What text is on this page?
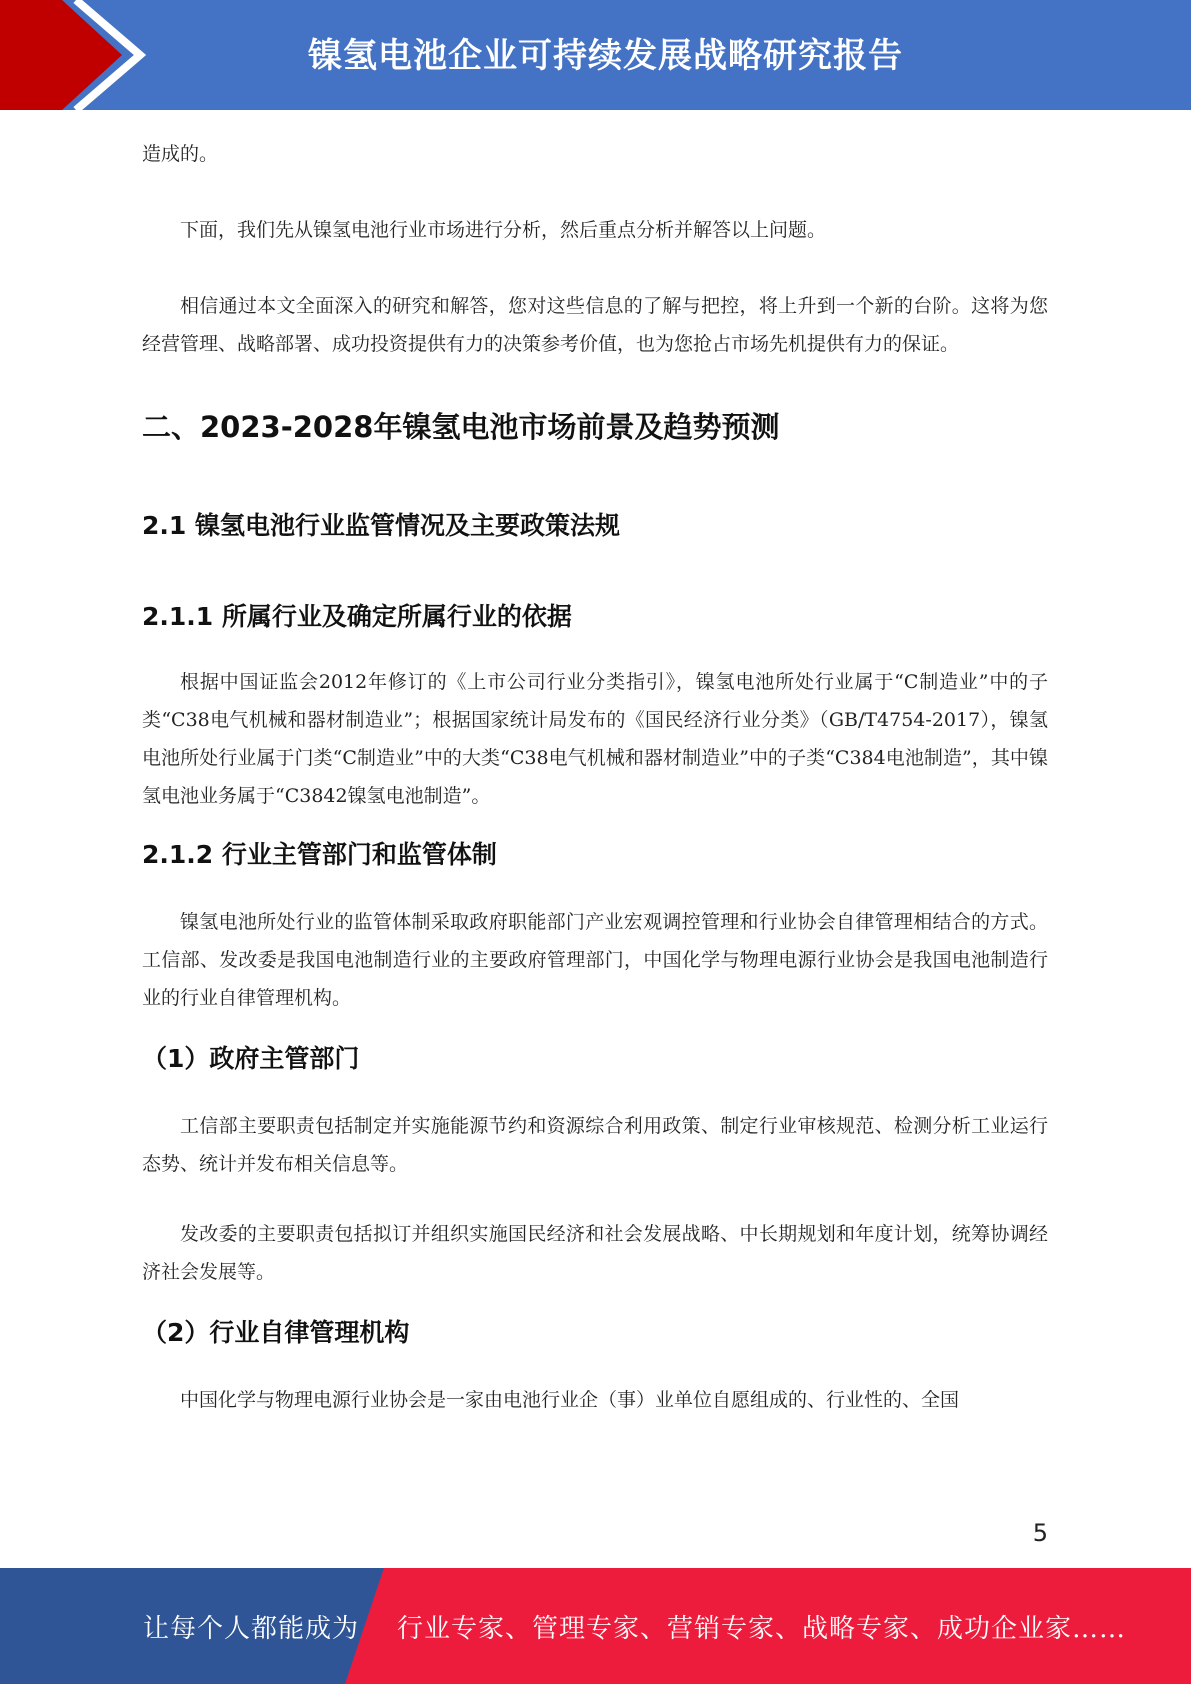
镍氢电池企业可持续发展战略研究报告

造成的。

下面，我们先从镍氢电池行业市场进行分析，然后重点分析并解答以上问题。

相信通过本文全面深入的研究和解答，您对这些信息的了解与把控，将上升到一个新的台阶。这将为您经营管理、战略部署、成功投资提供有力的决策参考价值，也为您抢占市场先机提供有力的保证。

二、2023-2028年镍氢电池市场前景及趋势预测
2.1 镍氢电池行业监管情况及主要政策法规
2.1.1 所属行业及确定所属行业的依据

根据中国证监会2012年修订的《上市公司行业分类指引》，镍氢电池所处行业属于“C制造业”中的子类“C38电气机械和器材制造业”；根据国家统计局发布的《国民经济行业分类》（GB/T4754-2017），镍氢电池所处行业属于门类“C制造业”中的大类“C38电气机械和器材制造业”中的子类“C384电池制造”，其中镍氢电池业务属于“C3842镍氢电池制造”。

2.1.2 行业主管部门和监管体制

镍氢电池所处行业的监管体制采取政府职能部门产业宏观调控管理和行业协会自律管理相结合的方式。工信部、发改委是我国电池制造行业的主要政府管理部门，中国化学与物理电源行业协会是我国电池制造行业的行业自律管理机构。

（1）政府主管部门

工信部主要职责包括制定并实施能源节约和资源综合利用政策、制定行业审核规范、检测分析工业运行态势、统计并发布相关信息等。

发改委的主要职责包括拟订并组织实施国民经济和社会发展战略、中长期规划和年度计划，统筹协调经济社会发展等。

（2）行业自律管理机构

中国化学与物理电源行业协会是一家由电池行业企（事）业单位自愿组成的、行业性的、全国

5
让每个人都能成为 行业专家、管理专家、营销专家、战略专家、成功企业家……
